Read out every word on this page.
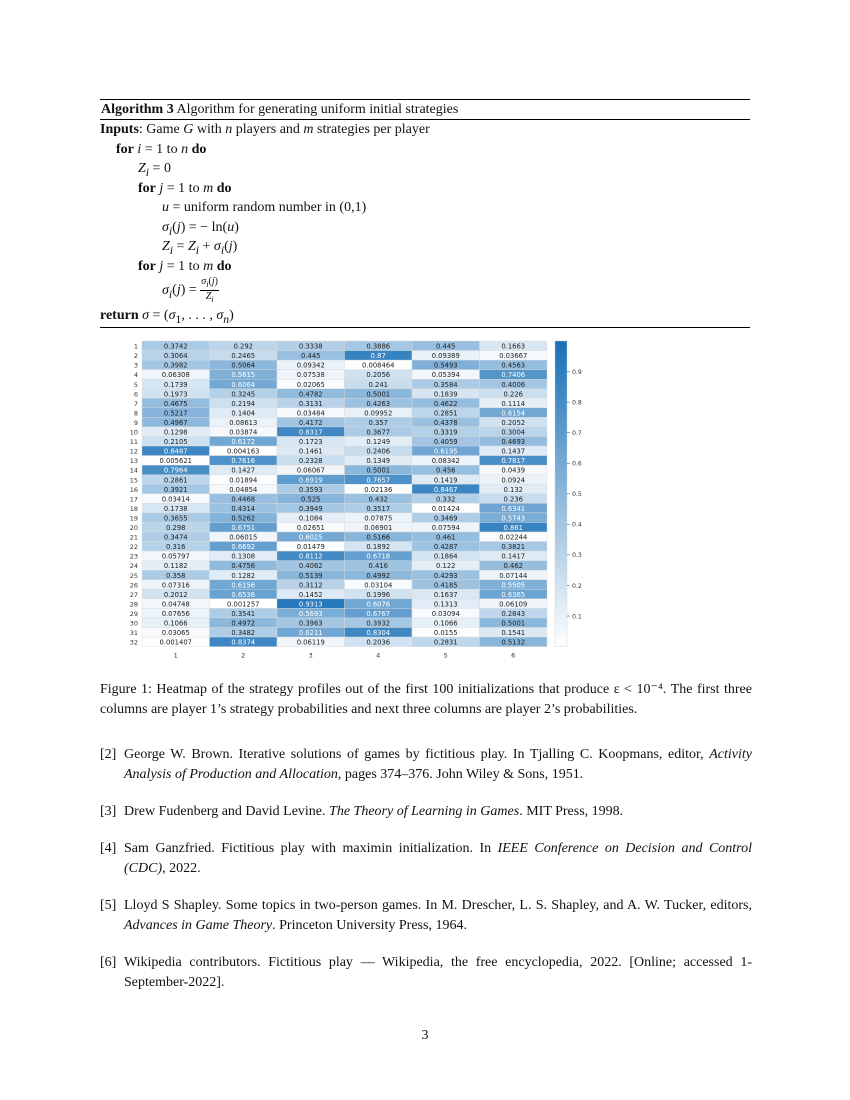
Algorithm 3 Algorithm for generating uniform initial strategies
Inputs: Game G with n players and m strategies per player
for i = 1 to n do
$Z_i = 0$
for j = 1 to m do
u = uniform random number in (0,1)
$\sigma_i(j)$ = − ln(u)
$Z_i = Z_i + \sigma_i(j)$
for j = 1 to m do
$\sigma_i(j) = \frac{\sigma_i(j)}{Z_i}$
return $\sigma = (\sigma_1$, . . . , $\sigma_n$)
0.3742	0.292	0.3338	0.3886	0.445	0.1663
0.3064	0.2465	0.445	0.87	0.09389	0.03667
0.3982	0.5064	0.09342	0.008464	0.5493	0.4563
0.06308	0.5615	0.07538	0.2056	0.05394	0.7406
0.1739	0.6064	0.02065	0.241	0.3584	0.4006
0.1973	0.3245	0.4782	0.5001	0.1839	0.226
0.4675	0.2194	0.3131	0.4263	0.4622	0.1114
0.5217	0.1404	0.03484	0.09952	0.2851	0.6154
0.4967	0.08613	0.4172	0.357	0.4378	0.2052
0.1298	0.03874	0.8317	0.3677	0.3319	0.3004
0.2105	0.6172	0.1723	0.1249	0.4059	0.4693
0.8487	0.004163	0.1461	0.2406	0.6195	0.1437
0.005621	0.7616	0.2328	0.1349	0.08342	0.7817
0.7964	0.1427	0.06067	0.5001	0.456	0.0439
0.2861	0.01894	0.6919	0.7657	0.1419	0.0924
0.3921	0.04854	0.3593	0.02136	0.8467	0.132
0.03414	0.4468	0.525	0.432	0.332	0.236
0.1738	0.4314	0.3949	0.3517	0.01424	0.6341
0.3655	0.5262	0.1084	0.07875	0.3469	0.5743
0.298	0.6751	0.02651	0.06901	0.07594	0.861
0.3474	0.06015	0.6025	0.5166	0.461	0.02244
0.316	0.6692	0.01479	0.1892	0.4287	0.3821
0.05797	0.1308	0.8112	0.6718	0.1864	0.1417
0.1182	0.4756	0.4062	0.416	0.122	0.462
0.358	0.1282	0.5139	0.4992	0.4293	0.07144
0.07316	0.6156	0.3112	0.03104	0.4185	0.5505
0.2012	0.6536	0.1452	0.1996	0.1637	0.6365
0.04748	0.001257	0.9313	0.6076	0.1313	0.06109
0.07656	0.3541	0.5693	0.6767	0.03094	0.2843
0.1066	0.4972	0.3963	0.3932	0.1066	0.5001
0.03065	0.3482	0.6211	0.8304	0.0155	0.1541
0.001407	0.8374	0.06119	0.2036	0.2831	0.5132
1
2
3
4
5
6
7
8
9
10
11
12
13
14
15
16
17
18
19
20
21
22
23
24
25
26
27
28
29
30
31
32
1	2	3	4	5	6
0.1
0.2
0.3
0.4
0.5
0.6
0.7
0.8
0.9
Figure 1: Heatmap of the strategy profiles out of the first 100 initializations that produce ε < 10⁻⁴. The first three columns are player 1’s strategy probabilities and next three columns are player 2’s probabilities.
[2] George W. Brown. Iterative solutions of games by fictitious play. In Tjalling C. Koopmans, editor, Activity Analysis of Production and Allocation, pages 374–376. John Wiley & Sons, 1951.
[3] Drew Fudenberg and David Levine. The Theory of Learning in Games. MIT Press, 1998.
[4] Sam Ganzfried. Fictitious play with maximin initialization. In IEEE Conference on Decision and Control (CDC), 2022.
[5] Lloyd S Shapley. Some topics in two-person games. In M. Drescher, L. S. Shapley, and A. W. Tucker, editors, Advances in Game Theory. Princeton University Press, 1964.
[6] Wikipedia contributors. Fictitious play — Wikipedia, the free encyclopedia, 2022. [Online; accessed 1-September-2022].
3
